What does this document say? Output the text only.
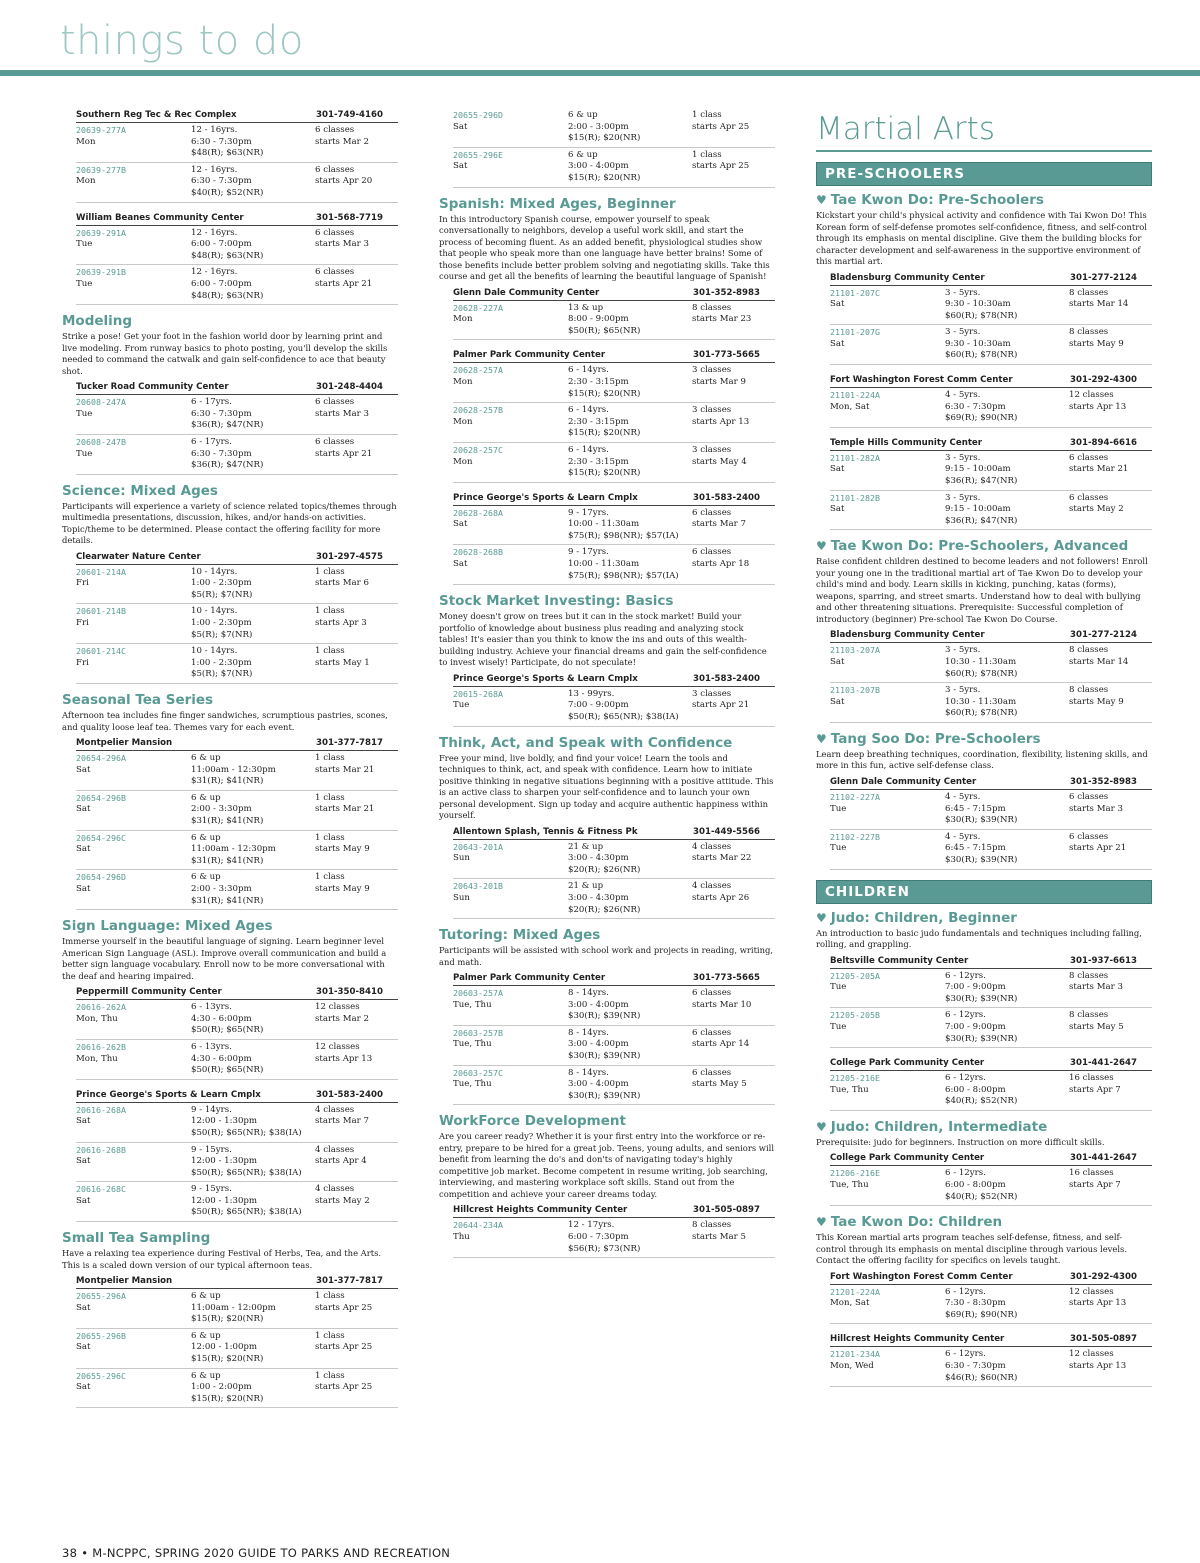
things to do
Southern Reg Tec & Rec Complex	301-749-4160
20639-277A	12 - 16yrs.	6 classes
Mon	6:30 - 7:30pm	starts Mar 2
$48(R); $63(NR)
20639-277B	12 - 16yrs.	6 classes
Mon	6:30 - 7:30pm	starts Apr 20
$40(R); $52(NR)
William Beanes Community Center	301-568-7719
20639-291A	12 - 16yrs.	6 classes
Tue	6:00 - 7:00pm	starts Mar 3
$48(R); $63(NR)
20639-291B	12 - 16yrs.	6 classes
Tue	6:00 - 7:00pm	starts Apr 21
$48(R); $63(NR)
Modeling
Strike a pose! Get your foot in the fashion world door by learning print and live modeling. From runway basics to photo posting, you'll develop the skills needed to command the catwalk and gain self-confidence to ace that beauty shot.
Tucker Road Community Center	301-248-4404
20608-247A	6 - 17yrs.	6 classes
Tue	6:30 - 7:30pm	starts Mar 3
$36(R); $47(NR)
20608-247B	6 - 17yrs.	6 classes
Tue	6:30 - 7:30pm	starts Apr 21
$36(R); $47(NR)
Science: Mixed Ages
Participants will experience a variety of science related topics/themes through multimedia presentations, discussion, hikes, and/or hands-on activities. Topic/theme to be determined. Please contact the offering facility for more details.
Clearwater Nature Center	301-297-4575
20601-214A	10 - 14yrs.	1 class
Fri	1:00 - 2:30pm	starts Mar 6
$5(R); $7(NR)
20601-214B	10 - 14yrs.	1 class
Fri	1:00 - 2:30pm	starts Apr 3
$5(R); $7(NR)
20601-214C	10 - 14yrs.	1 class
Fri	1:00 - 2:30pm	starts May 1
$5(R); $7(NR)
Seasonal Tea Series
Afternoon tea includes fine finger sandwiches, scrumptious pastries, scones, and quality loose leaf tea. Themes vary for each event.
Montpelier Mansion	301-377-7817
20654-296A	6 & up	1 class
Sat	11:00am - 12:30pm	starts Mar 21
$31(R); $41(NR)
20654-296B	6 & up	1 class
Sat	2:00 - 3:30pm	starts Mar 21
$31(R); $41(NR)
20654-296C	6 & up	1 class
Sat	11:00am - 12:30pm	starts May 9
$31(R); $41(NR)
20654-296D	6 & up	1 class
Sat	2:00 - 3:30pm	starts May 9
$31(R); $41(NR)
Sign Language: Mixed Ages
Immerse yourself in the beautiful language of signing. Learn beginner level American Sign Language (ASL). Improve overall communication and build a better sign language vocabulary. Enroll now to be more conversational with the deaf and hearing impaired.
Peppermill Community Center	301-350-8410
20616-262A	6 - 13yrs.	12 classes
Mon, Thu	4:30 - 6:00pm	starts Mar 2
$50(R); $65(NR)
20616-262B	6 - 13yrs.	12 classes
Mon, Thu	4:30 - 6:00pm	starts Apr 13
$50(R); $65(NR)
Prince George's Sports & Learn Cmplx	301-583-2400
20616-268A	9 - 14yrs.	4 classes
Sat	12:00 - 1:30pm	starts Mar 7
$50(R); $65(NR); $38(IA)
20616-268B	9 - 15yrs.	4 classes
Sat	12:00 - 1:30pm	starts Apr 4
$50(R); $65(NR); $38(IA)
20616-268C	9 - 15yrs.	4 classes
Sat	12:00 - 1:30pm	starts May 2
$50(R); $65(NR); $38(IA)
Small Tea Sampling
Have a relaxing tea experience during Festival of Herbs, Tea, and the Arts. This is a scaled down version of our typical afternoon teas.
Montpelier Mansion	301-377-7817
20655-296A	6 & up	1 class
Sat	11:00am - 12:00pm	starts Apr 25
$15(R); $20(NR)
20655-296B	6 & up	1 class
Sat	12:00 - 1:00pm	starts Apr 25
$15(R); $20(NR)
20655-296C	6 & up	1 class
Sat	1:00 - 2:00pm	starts Apr 25
$15(R); $20(NR)
20655-296D	6 & up	1 class
Sat	2:00 - 3:00pm	starts Apr 25
$15(R); $20(NR)
20655-296E	6 & up	1 class
Sat	3:00 - 4:00pm	starts Apr 25
$15(R); $20(NR)
Spanish: Mixed Ages, Beginner
In this introductory Spanish course, empower yourself to speak conversationally to neighbors, develop a useful work skill, and start the process of becoming fluent. As an added benefit, physiological studies show that people who speak more than one language have better brains! Some of those benefits include better problem solving and negotiating skills. Take this course and get all the benefits of learning the beautiful language of Spanish!
Glenn Dale Community Center	301-352-8983
20628-227A	13 & up	8 classes
Mon	8:00 - 9:00pm	starts Mar 23
$50(R); $65(NR)
Palmer Park Community Center	301-773-5665
20628-257A	6 - 14yrs.	3 classes
Mon	2:30 - 3:15pm	starts Mar 9
$15(R); $20(NR)
20628-257B	6 - 14yrs.	3 classes
Mon	2:30 - 3:15pm	starts Apr 13
$15(R); $20(NR)
20628-257C	6 - 14yrs.	3 classes
Mon	2:30 - 3:15pm	starts May 4
$15(R); $20(NR)
Prince George's Sports & Learn Cmplx	301-583-2400
20628-268A	9 - 17yrs.	6 classes
Sat	10:00 - 11:30am	starts Mar 7
$75(R); $98(NR); $57(IA)
20628-268B	9 - 17yrs.	6 classes
Sat	10:00 - 11:30am	starts Apr 18
$75(R); $98(NR); $57(IA)
Stock Market Investing: Basics
Money doesn't grow on trees but it can in the stock market! Build your portfolio of knowledge about business plus reading and analyzing stock tables! It's easier than you think to know the ins and outs of this wealth-building industry. Achieve your financial dreams and gain the self-confidence to invest wisely! Participate, do not speculate!
Prince George's Sports & Learn Cmplx	301-583-2400
20615-268A	13 - 99yrs.	3 classes
Tue	7:00 - 9:00pm	starts Apr 21
$50(R); $65(NR); $38(IA)
Think, Act, and Speak with Confidence
Free your mind, live boldly, and find your voice! Learn the tools and techniques to think, act, and speak with confidence. Learn how to initiate positive thinking in negative situations beginning with a positive attitude. This is an active class to sharpen your self-confidence and to launch your own personal development. Sign up today and acquire authentic happiness within yourself.
Allentown Splash, Tennis & Fitness Pk	301-449-5566
20643-201A	21 & up	4 classes
Sun	3:00 - 4:30pm	starts Mar 22
$20(R); $26(NR)
20643-201B	21 & up	4 classes
Sun	3:00 - 4:30pm	starts Apr 26
$20(R); $26(NR)
Tutoring: Mixed Ages
Participants will be assisted with school work and projects in reading, writing, and math.
Palmer Park Community Center	301-773-5665
20603-257A	8 - 14yrs.	6 classes
Tue, Thu	3:00 - 4:00pm	starts Mar 10
$30(R); $39(NR)
20603-257B	8 - 14yrs.	6 classes
Tue, Thu	3:00 - 4:00pm	starts Apr 14
$30(R); $39(NR)
20603-257C	8 - 14yrs.	6 classes
Tue, Thu	3:00 - 4:00pm	starts May 5
$30(R); $39(NR)
WorkForce Development
Are you career ready? Whether it is your first entry into the workforce or re-entry, prepare to be hired for a great job. Teens, young adults, and seniors will benefit from learning the do's and don'ts of navigating today's highly competitive job market. Become competent in resume writing, job searching, interviewing, and mastering workplace soft skills. Stand out from the competition and achieve your career dreams today.
Hillcrest Heights Community Center	301-505-0897
20644-234A	12 - 17yrs.	8 classes
Thu	6:00 - 7:30pm	starts Mar 5
$56(R); $73(NR)
Martial Arts
PRE-SCHOOLERS
♥ Tae Kwon Do: Pre-Schoolers
Kickstart your child's physical activity and confidence with Tai Kwon Do! This Korean form of self-defense promotes self-confidence, fitness, and self-control through its emphasis on mental discipline. Give them the building blocks for character development and self-awareness in the supportive environment of this martial art.
Bladensburg Community Center	301-277-2124
21101-207C	3 - 5yrs.	8 classes
Sat	9:30 - 10:30am	starts Mar 14
$60(R); $78(NR)
21101-207G	3 - 5yrs.	8 classes
Sat	9:30 - 10:30am	starts May 9
$60(R); $78(NR)
Fort Washington Forest Comm Center	301-292-4300
21101-224A	4 - 5yrs.	12 classes
Mon, Sat	6:30 - 7:30pm	starts Apr 13
$69(R); $90(NR)
Temple Hills Community Center	301-894-6616
21101-282A	3 - 5yrs.	6 classes
Sat	9:15 - 10:00am	starts Mar 21
$36(R); $47(NR)
21101-282B	3 - 5yrs.	6 classes
Sat	9:15 - 10:00am	starts May 2
$36(R); $47(NR)
♥ Tae Kwon Do: Pre-Schoolers, Advanced
Raise confident children destined to become leaders and not followers! Enroll your young one in the traditional martial art of Tae Kwon Do to develop your child's mind and body. Learn skills in kicking, punching, katas (forms), weapons, sparring, and street smarts. Understand how to deal with bullying and other threatening situations. Prerequisite: Successful completion of introductory (beginner) Pre-school Tae Kwon Do Course.
Bladensburg Community Center	301-277-2124
21103-207A	3 - 5yrs.	8 classes
Sat	10:30 - 11:30am	starts Mar 14
$60(R); $78(NR)
21103-207B	3 - 5yrs.	8 classes
Sat	10:30 - 11:30am	starts May 9
$60(R); $78(NR)
♥ Tang Soo Do: Pre-Schoolers
Learn deep breathing techniques, coordination, flexibility, listening skills, and more in this fun, active self-defense class.
Glenn Dale Community Center	301-352-8983
21102-227A	4 - 5yrs.	6 classes
Tue	6:45 - 7:15pm	starts Mar 3
$30(R); $39(NR)
21102-227B	4 - 5yrs.	6 classes
Tue	6:45 - 7:15pm	starts Apr 21
$30(R); $39(NR)
CHILDREN
♥ Judo: Children, Beginner
An introduction to basic judo fundamentals and techniques including falling, rolling, and grappling.
Beltsville Community Center	301-937-6613
21205-205A	6 - 12yrs.	8 classes
Tue	7:00 - 9:00pm	starts Mar 3
$30(R); $39(NR)
21205-205B	6 - 12yrs.	8 classes
Tue	7:00 - 9:00pm	starts May 5
$30(R); $39(NR)
College Park Community Center	301-441-2647
21205-216E	6 - 12yrs.	16 classes
Tue, Thu	6:00 - 8:00pm	starts Apr 7
$40(R); $52(NR)
♥ Judo: Children, Intermediate
Prerequisite: judo for beginners. Instruction on more difficult skills.
College Park Community Center	301-441-2647
21206-216E	6 - 12yrs.	16 classes
Tue, Thu	6:00 - 8:00pm	starts Apr 7
$40(R); $52(NR)
♥ Tae Kwon Do: Children
This Korean martial arts program teaches self-defense, fitness, and self-control through its emphasis on mental discipline through various levels. Contact the offering facility for specifics on levels taught.
Fort Washington Forest Comm Center	301-292-4300
21201-224A	6 - 12yrs.	12 classes
Mon, Sat	7:30 - 8:30pm	starts Apr 13
$69(R); $90(NR)
Hillcrest Heights Community Center	301-505-0897
21201-234A	6 - 12yrs.	12 classes
Mon, Wed	6:30 - 7:30pm	starts Apr 13
$46(R); $60(NR)
38 • M-NCPPC, SPRING 2020 GUIDE TO PARKS AND RECREATION
